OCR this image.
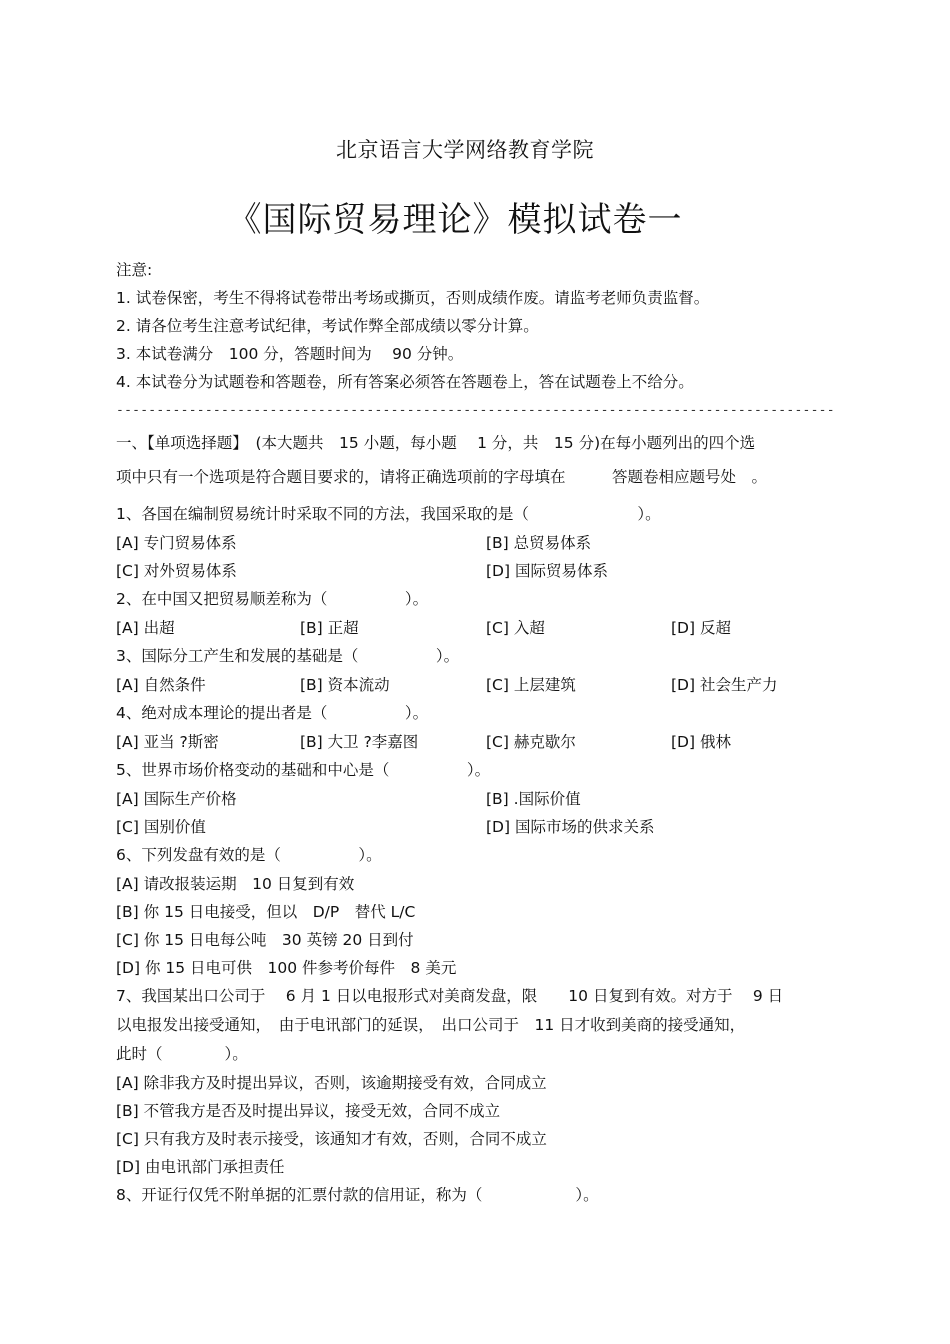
北京语言大学网络教育学院
《国际贸易理论》模拟试卷一
注意:
1. 试卷保密，考生不得将试卷带出考场或撕页，否则成绩作废。请监考老师负责监督。
2. 请各位考生注意考试纪律，考试作弊全部成绩以零分计算。
3. 本试卷满分　100 分，答题时间为　 90 分钟。
4. 本试卷分为试题卷和答题卷，所有答案必须答在答题卷上，答在试题卷上不给分。
-----------------------------------------------------------------------------------------
一、【单项选择题】　(本大题共　15 小题，每小题　 1 分，共　15 分)在每小题列出的四个选
项中只有一个选项是符合题目要求的，请将正确选项前的字母填在　　　答题卷相应题号处　。
1、各国在编制贸易统计时采取不同的方法，我国采取的是（　　　　　　　）。
[A] 专门贸易体系	[B] 总贸易体系
[C] 对外贸易体系	[D] 国际贸易体系
2、在中国又把贸易顺差称为（　　　　　）。
[A] 出超	[B] 正超	[C] 入超	[D] 反超
3、国际分工产生和发展的基础是（　　　　　）。
[A] 自然条件	[B] 资本流动	[C] 上层建筑	[D] 社会生产力
4、绝对成本理论的提出者是（　　　　　）。
[A] 亚当 ?斯密	[B] 大卫 ?李嘉图	[C] 赫克歇尔	[D] 俄林
5、世界市场价格变动的基础和中心是（　　　　　）。
[A] 国际生产价格	[B] .国际价值
[C] 国别价值	[D] 国际市场的供求关系
6、下列发盘有效的是（　　　　　）。
[A] 请改报装运期　10 日复到有效
[B] 你 15 日电接受，但以　D/P　替代 L/C
[C] 你 15 日电每公吨　30 英镑 20 日到付
[D] 你 15 日电可供　100 件参考价每件　8 美元
7、我国某出口公司于　 6 月 1 日以电报形式对美商发盘，限　　10 日复到有效。对方于　 9 日
以电报发出接受通知，　由于电讯部门的延误，　出口公司于　11 日才收到美商的接受通知，
此时（　　　　）。
[A] 除非我方及时提出异议，否则，该逾期接受有效，合同成立
[B] 不管我方是否及时提出异议，接受无效，合同不成立
[C] 只有我方及时表示接受，该通知才有效，否则，合同不成立
[D] 由电讯部门承担责任
8、开证行仅凭不附单据的汇票付款的信用证，称为（　　　　　　）。
